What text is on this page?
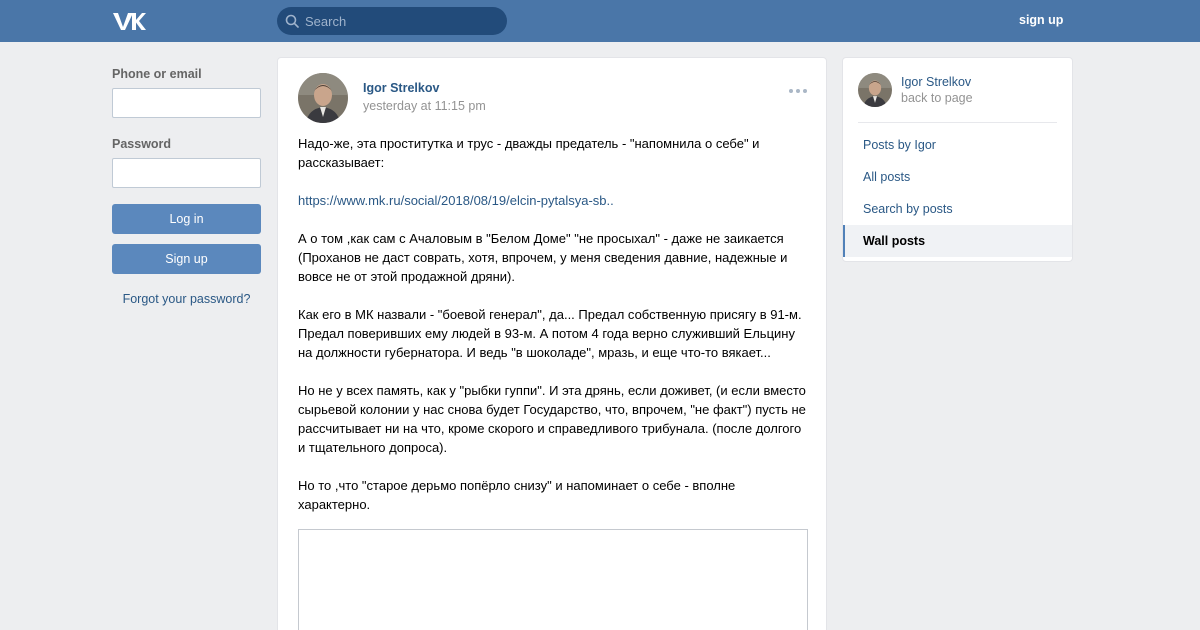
Search
sign up
Phone or email
Password
Log in
Sign up
Forgot your password?
Igor Strelkov
yesterday at 11:15 pm

Надо-же, эта проститутка и трус - дважды предатель - "напомнила о себе" и рассказывает:

https://www.mk.ru/social/2018/08/19/elcin-pytalsya-sb..

А о том ,как сам с Ачаловым в "Белом Доме" "не просыхал" - даже не заикается (Проханов не даст соврать, хотя, впрочем, у меня сведения давние, надежные и вовсе не от этой продажной дряни).

Как его в МК назвали - "боевой генерал", да... Предал собственную присягу в 91-м. Предал поверивших ему людей в 93-м. А потом 4 года верно служивший Ельцину на должности губернатора. И ведь "в шоколаде", мразь, и еще что-то вякает...

Но не у всех память, как у "рыбки гуппи". И эта дрянь, если доживет, (и если вместо сырьевой колонии у нас снова будет Государство, что, впрочем, "не факт") пусть не рассчитывает ни на что, кроме скорого и справедливого трибунала. (после долгого и тщательного допроса).

Но то ,что "старое дерьмо попёрло снизу" и напоминает о себе - вполне характерно.

Igor Strelkov
back to page
Posts by Igor
All posts
Search by posts
Wall posts
